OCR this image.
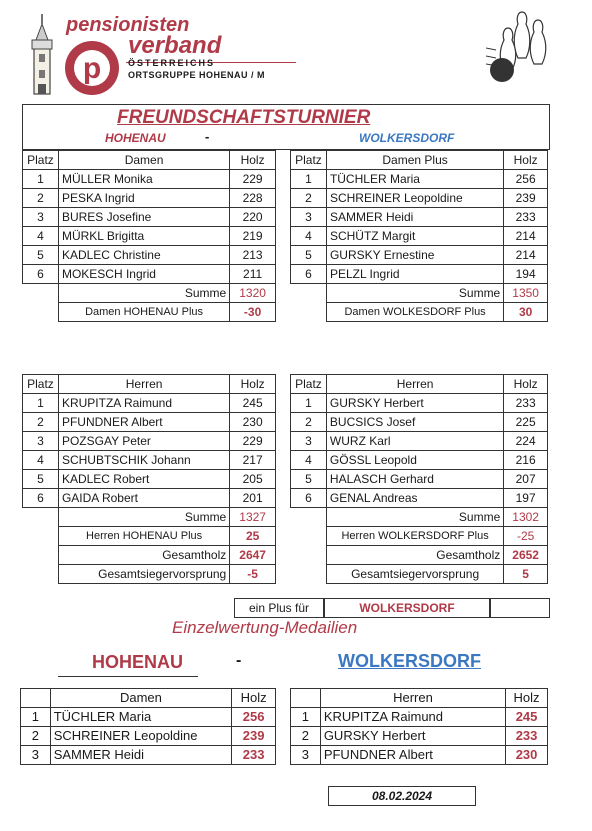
p
pensionisten
verband
ÖSTERREICHS
ORTSGRUPPE HOHENAU / M
FREUNDSCHAFTSTURNIER
HOHENAU	-	WOLKERSDORF
Platz	Damen	Holz
1	MÜLLER Monika	229
2	PESKA Ingrid	228
3	BURES Josefine	220
4	MÜRKL Brigitta	219
5	KADLEC Christine	213
6	MOKESCH Ingrid	211
	Summe	1320
	Damen HOHENAU Plus	-30
Platz	Damen Plus	Holz
1	TÜCHLER Maria	256
2	SCHREINER Leopoldine	239
3	SAMMER Heidi	233
4	SCHÜTZ Margit	214
5	GURSKY Ernestine	214
6	PELZL Ingrid	194
	Summe	1350
	Damen WOLKESDORF Plus	30
Platz	Herren	Holz
1	KRUPITZA Raimund	245
2	PFUNDNER Albert	230
3	POZSGAY Peter	229
4	SCHUBTSCHIK Johann	217
5	KADLEC Robert	205
6	GAIDA Robert	201
	Summe	1327
	Herren HOHENAU Plus	25
	Gesamtholz	2647
	Gesamtsiegervorsprung	-5
Platz	Herren	Holz
1	GURSKY Herbert	233
2	BUCSICS Josef	225
3	WURZ Karl	224
4	GÖSSL Leopold	216
5	HALASCH Gerhard	207
6	GENAL Andreas	197
	Summe	1302
	Herren WOLKERSDORF Plus	-25
	Gesamtholz	2652
	Gesamtsiegervorsprung	5
ein Plus für	WOLKERSDORF
Einzelwertung-Medailien
HOHENAU	-	WOLKERSDORF
	Damen	Holz
1	TÜCHLER Maria	256
2	SCHREINER Leopoldine	239
3	SAMMER Heidi	233
	Herren	Holz
1	KRUPITZA Raimund	245
2	GURSKY Herbert	233
3	PFUNDNER Albert	230
08.02.2024
